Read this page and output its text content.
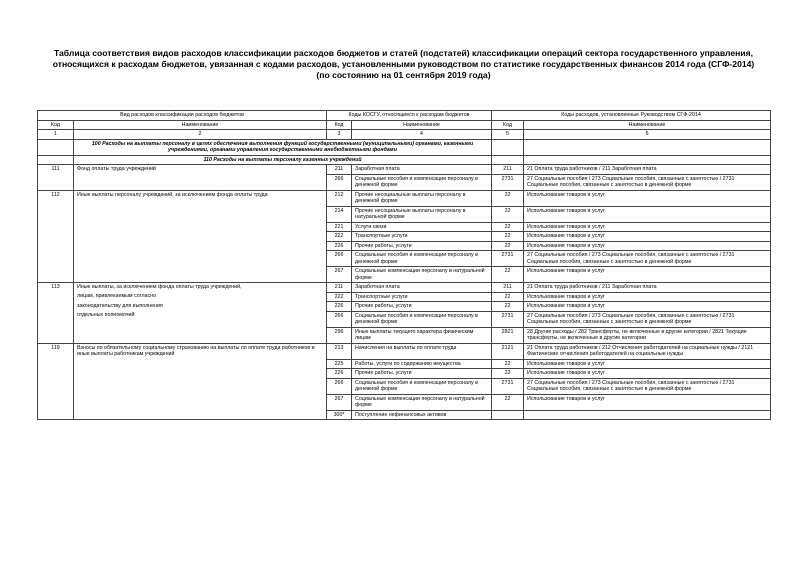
Таблица соответствия видов расходов классификации расходов бюджетов и статей (подстатей) классификации операций сектора государственного управления,
относящихся к расходам бюджетов, увязанная с кодами расходов, установленными руководством по статистике государственных финансов 2014 года (СГФ-2014)
(по состоянию на 01 сентября 2019 года)
Вид расходов классификации расходов бюджетов		Коды КОСГУ, относящиеся к расходам бюджетов		Коды расходов, установленные Руководством СГФ-2014	
Код	Наименование	Код	Наименование	Код	Наименование
1	2	3	4	5	6
	100 Расходы на выплаты персоналу в целях обеспечения выполнения функций государственными (муниципальными) органами, казенными учреждениями, органами управления государственными внебюджетными фондами				
	110 Расходы на выплаты персоналу казенных учреждений				
111	Фонд оплаты труда учреждений	211	Заработная плата	211	21 Оплата труда работников / 211 Заработная плата
		266	Социальные пособия и компенсации персоналу в денежной форме	2731	27 Социальные пособия / 273 Социальные пособия, связанные с занятостью / 2731 Социальные пособия, связанные с занятостью в денежной форме
112	Иные выплаты персоналу учреждений, за исключением фонда оплаты труда	212	Прочие несоциальные выплаты персоналу в денежной форме	22	Использование товаров и услуг
		214	Прочие несоциальные выплаты персоналу в натуральной форме	22	Использование товаров и услуг
		221	Услуги связи	22	Использование товаров и услуг
		222	Транспортные услуги	22	Использование товаров и услуг
		226	Прочие работы, услуги	22	Использование товаров и услуг
		266	Социальные пособия и компенсации персоналу в денежной форме	2731	27 Социальные пособия / 273 Социальные пособия, связанные с занятостью / 2731 Социальные пособия, связанные с занятостью в денежной форме
		267	Социальные компенсации персоналу в натуральной форме	22	Использование товаров и услуг
113	Иные выплаты, за исключением фонда оплаты труда учреждений,	211	Заработная плата	211	21 Оплата труда работников / 211 Заработная плата
	лицам, привлекаемым согласно	222	Транспортные услуги	22	Использование товаров и услуг
	законодательству для выполнения	226	Прочие работы, услуги	22	Использование товаров и услуг
	отдельных полномочий	266	Социальные пособия и компенсации персоналу в денежной форме	2731	27 Социальные пособия / 273 Социальные пособия, связанные с занятостью / 2731 Социальные пособия, связанные с занятостью в денежной форме
		296	Иные выплаты текущего характера физическим лицам	2821	28 Другие расходы / 282 Трансферты, не включенные в другие категории / 2821 Текущие трансферты, не включенные в другие категории
119	Взносы по обязательному социальному страхованию на выплаты по оплате труда работников и иные выплаты работникам учреждений	213	Начисления на выплаты по оплате труда	2121	21 Оплата труда работников / 212 Отчисления работодателей на социальные нужды / 2121 Фактические отчисления работодателей на социальные нужды
		225	Работы, услуги по содержанию имущества	22	Использование товаров и услуг
		226	Прочие работы, услуги	22	Использование товаров и услуг
		266	Социальные пособия и компенсации персоналу в денежной форме	2731	27 Социальные пособия / 273 Социальные пособия, связанные с занятостью / 2731 Социальные пособия, связанные с занятостью в денежной форме
		267	Социальные компенсации персоналу в натуральной форме	22	Использование товаров и услуг
		300*	Поступление нефинансовых активов		
